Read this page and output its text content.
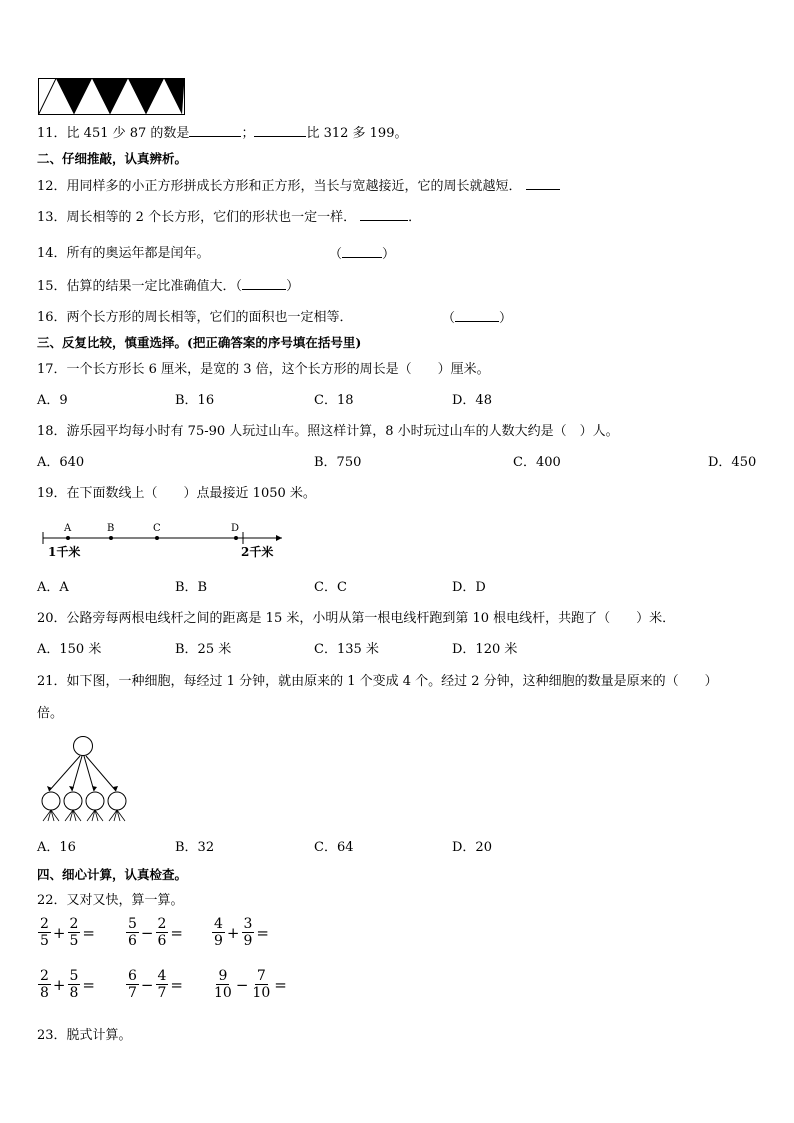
11．比 451 少 87 的数是	；	比 312 多 199。
二、仔细推敲，认真辨析。
12．用同样多的小正方形拼成长方形和正方形，当长与宽越接近，它的周长就越短．
13．周长相等的 2 个长方形，它们的形状也一定一样．	．
14．所有的奥运年都是闰年。	（	）
15．估算的结果一定比准确值大．（	）
16．两个长方形的周长相等，它们的面积也一定相等．	（	）
三、反复比较，慎重选择。(把正确答案的序号填在括号里)
17．一个长方形长 6 厘米，是宽的 3 倍，这个长方形的周长是（　　）厘米。
A．9	B．16	C．18	D．48
18．游乐园平均每小时有 75-90 人玩过山车。照这样计算，8 小时玩过山车的人数大约是（　）人。
A．640	B．750	C．400	D．450
19．在下面数线上（　　）点最接近 1050 米。
A	B	C	D
1千米	2千米
A．A	B．B	C．C	D．D
20．公路旁每两根电线杆之间的距离是 15 米，小明从第一根电线杆跑到第 10 根电线杆，共跑了（　　）米．
A．150 米	B．25 米	C．135 米	D．120 米
21．如下图，一种细胞，每经过 1 分钟，就由原来的 1 个变成 4 个。经过 2 分钟，这种细胞的数量是原来的（　　）
倍。
A．16	B．32	C．64	D．20
四、细心计算，认真检查。
22．又对又快，算一算。
$\frac{2}{5} + \frac{2}{5} = \frac{5}{6} - \frac{2}{6} = \frac{4}{9} + \frac{3}{9}$ =
$\frac{2}{8} + \frac{5}{8} = \frac{6}{7} - \frac{4}{7} = \frac{9}{10} - \frac{7}{10}$ =
23．脱式计算。
